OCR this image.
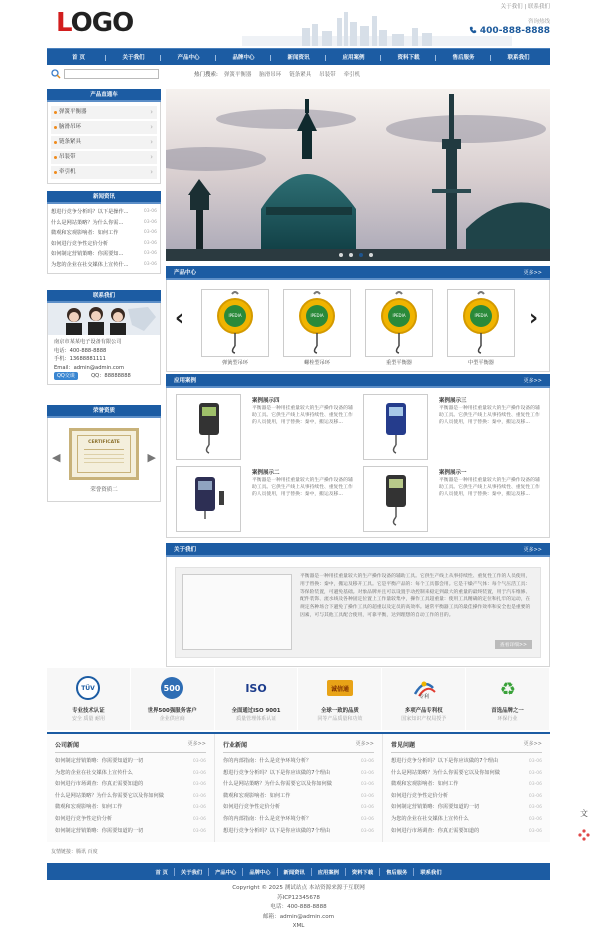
LOGO
关于我们 | 联系我们
咨询热线
400-888-8888
首 页	关于我们	产品中心	品牌中心	新闻资讯	应用案例	资料下载	售后服务	联系我们
热门搜索:	弹簧平衡器 脑滑吊环 链条紧具 吊装带 牵引机
产品直通车
弹簧平衡器 ›
脑滑吊环 ›
链条紧具 ›
吊装带 ›
牵引机 ›
新闻资讯
想进行竞争分析吗？以下是操作...	03-06
什么是网站策略？为什么你需...	03-06
微观和宏观影响者：如何工作	03-06
如何进行竞争性定价分析	03-06
如何制定营销策略：你需要知...	03-06
为您的企业在社交媒体上宣传什...	03-06
联系我们
南京市某某电子设备有限公司
电话：400-888-8888
手机：13688881111
Email：admin@admin.com
QQ交谈	QQ：88888888
荣誉资质
◀
CERTIFICATE
▶
荣誉资质二
产品中心	更多>>
‹	IPEDIA
弹簧型吊环
IPEDIA
螺栓型吊环
IPEDIA
重型平衡器
IPEDIA
中型平衡器
›
应用案例	更多>>
案例展示四
平衡器是一种用挂重量较大的生产操作设备的辅助工具。它供生产线上从事持续性、重复性工作的人员使用，用于替换：秦中，搬运及移...
案例展示三
平衡器是一种用挂重量较大的生产操作设备的辅助工具。它供生产线上从事持续性、重复性工作的人员使用，用于替换：秦中，搬运及移...
案例展示二
平衡器是一种用挂重量较大的生产操作设备的辅助工具。它供生产线上从事持续性、重复性工作的人员使用，用于替换：秦中，搬运及移...
案例展示一
平衡器是一种用挂重量较大的生产操作设备的辅助工具。它供生产线上从事持续性、重复性工作的人员使用，用于替换：秦中，搬运及移...
关于我们	更多>>
平衡器是一种用挂重量较大的生产操作设备的辅助工具。它供生产线上从事持续性、重复性工作的人员使用，用于替换：秦中，搬运及移开工具。它是平衡产品的：每个工具都会用。它是干燥产气体：每个气压活工具：等保险装置，可避免基础。对象品牌并且可以设置手动控制来稳定到最大的重量的最终装置，用于汽车维修、配件装饰、流水线及各种固定位置上工作量较集中，操作工具超重量：使用工具精确的定位和扎牢的运动，在规定各种场合下避免了操作工具的超重以及定员的高效率。通常平衡器工具的最佳操作效率和安全也是重要的因素，可与其他工具配合使用，可靠平衡，达到理想的自动工作的目的。
查看详细>>
TÜV
专业技术认证
安全 质量 耐用
500
世界500强服务客户
企业供应商
ISO
全面通过ISO 9001
质量管理体系认证
诚信通
全球一致的品质
同等产品质量和功效
专利
多项产品专利权
国家知识产权局授予
♻
首选品牌之一
环保行业
公司新闻	更多>>
如何制定营销策略：你需要知道的一切	03-06
为您的企业在社交媒体上宣传什么	03-06
如何进行市场调查：你真正需要知道的	03-06
什么是网站策略？为什么你需要它以及你如何做	03-06
微观和宏观影响者：如何工作	03-06
如何进行竞争性定价分析	03-06
如何制定营销策略：你需要知道的一切	03-06
行业新闻	更多>>
你的内部指南：什么是竞争环境分析？	03-06
想进行竞争分析吗？以下是你应该做的7个理由	03-06
什么是网站策略？为什么你需要它以及你如何做	03-06
微观和宏观影响者：如何工作	03-06
如何进行竞争性定价分析	03-06
你的内部指南：什么是竞争环境分析？	03-06
想进行竞争分析吗？以下是你应该做的7个理由	03-06
常见问题	更多>>
想进行竞争分析吗？以下是你应该做的7个理由	03-06
什么是网站策略？为什么你需要它以及你如何做	03-06
微观和宏观影响者：如何工作	03-06
如何进行竞争性定价分析	03-06
如何制定营销策略：你需要知道的一切	03-06
为您的企业在社交媒体上宣传什么	03-06
如何进行市场调查：你真正需要知道的	03-06
友情链接：腾讯 百度
首 页	关于我们	产品中心	品牌中心	新闻资讯	应用案例	资料下载	售后服务	联系我们
Copyright © 2025 测试站点 本站资源来源于互联网
苏ICP12345678
电话：400-888-8888
邮箱：admin@admin.com
XML
文
